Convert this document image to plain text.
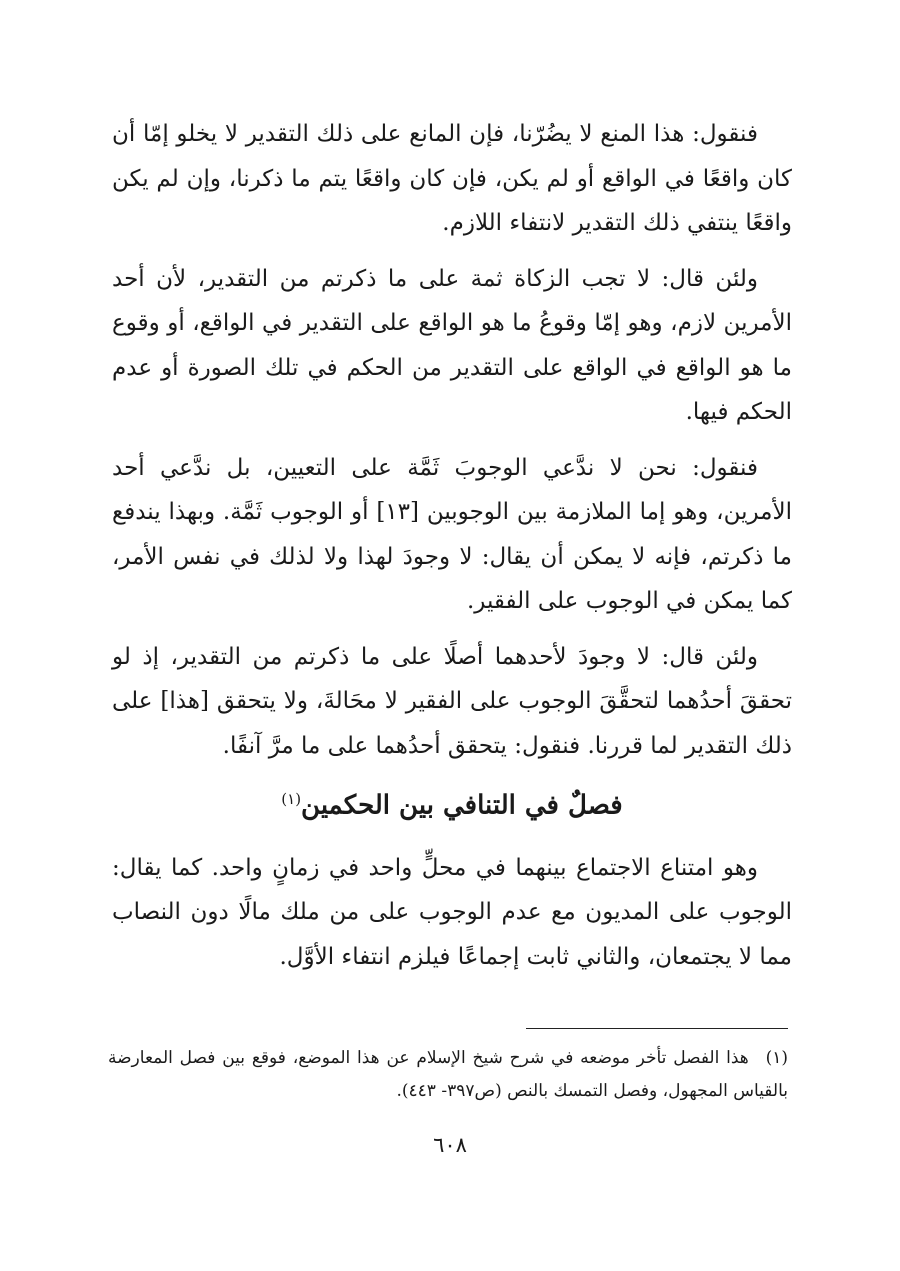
فنقول: هذا المنع لا يضُرّنا، فإن المانع على ذلك التقدير لا يخلو إمّا أن كان واقعًا في الواقع أو لم يكن، فإن كان واقعًا يتم ما ذكرنا، وإن لم يكن واقعًا ينتفي ذلك التقدير لانتفاء اللازم.

ولئن قال: لا تجب الزكاة ثمة على ما ذكرتم من التقدير، لأن أحد الأمرين لازم، وهو إمّا وقوعُ ما هو الواقع على التقدير في الواقع، أو وقوع ما هو الواقع في الواقع على التقدير من الحكم في تلك الصورة أو عدم الحكم فيها.

فنقول: نحن لا ندَّعي الوجوبَ ثَمَّة على التعيين، بل ندَّعي أحد الأمرين، وهو إما الملازمة بين الوجوبين [١٣] أو الوجوب ثَمَّة. وبهذا يندفع ما ذكرتم، فإنه لا يمكن أن يقال: لا وجودَ لهذا ولا لذلك في نفس الأمر، كما يمكن في الوجوب على الفقير.

ولئن قال: لا وجودَ لأحدهما أصلًا على ما ذكرتم من التقدير، إذ لو تحققَ أحدُهما لتحقَّقَ الوجوب على الفقير لا محَالةَ، ولا يتحقق [هذا] على ذلك التقدير لما قررنا. فنقول: يتحقق أحدُهما على ما مرَّ آنفًا.

فصلٌ في التنافي بين الحكمين$^{(١)}$

وهو امتناع الاجتماع بينهما في محلٍّ واحد في زمانٍ واحد. كما يقال: الوجوب على المديون مع عدم الوجوب على من ملك مالًا دون النصاب مما لا يجتمعان، والثاني ثابت إجماعًا فيلزم انتفاء الأوَّل.

(١) هذا الفصل تأخر موضعه في شرح شيخ الإسلام عن هذا الموضع، فوقع بين فصل المعارضة بالقياس المجهول، وفصل التمسك بالنص (ص٣٩٧- ٤٤٣).
٦٠٨
